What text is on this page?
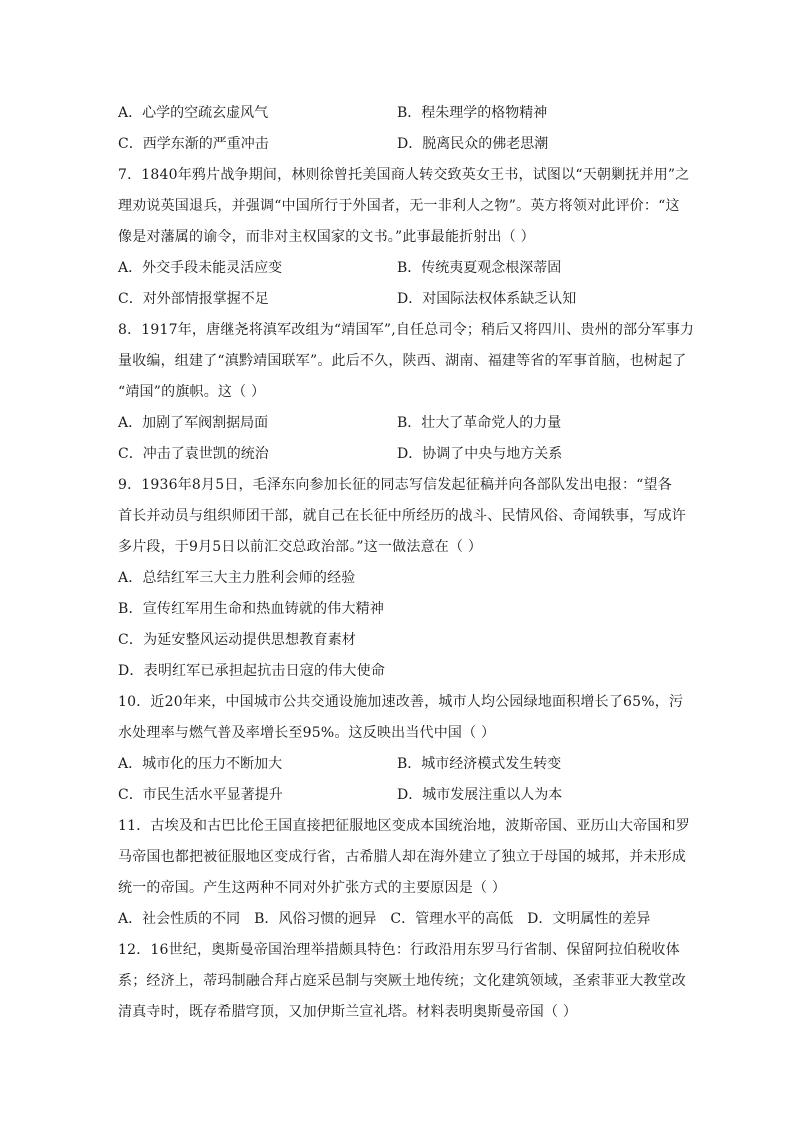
A．心学的空疏玄虚风气	B．程朱理学的格物精神
C．西学东渐的严重冲击	D．脱离民众的佛老思潮
7．1840年鸦片战争期间，林则徐曾托美国商人转交致英女王书，试图以“天朝剿抚并用”之
理劝说英国退兵，并强调“中国所行于外国者，无一非利人之物”。英方将领对此评价：“这
像是对藩属的谕令，而非对主权国家的文书。”此事最能折射出（ ）
A．外交手段未能灵活应变	B．传统夷夏观念根深蒂固
C．对外部情报掌握不足	D．对国际法权体系缺乏认知
8．1917年，唐继尧将滇军改组为“靖国军”,自任总司令；稍后又将四川、贵州的部分军事力
量收编，组建了“滇黔靖国联军”。此后不久，陕西、湖南、福建等省的军事首脑，也树起了
“靖国”的旗帜。这（ ）
A．加剧了军阀割据局面	B．壮大了革命党人的力量
C．冲击了袁世凯的统治	D．协调了中央与地方关系
9．1936年8月5日，毛泽东向参加长征的同志写信发起征稿并向各部队发出电报：“望各
首长并动员与组织师团干部，就自己在长征中所经历的战斗、民情风俗、奇闻轶事，写成许
多片段，于9月5日以前汇交总政治部。”这一做法意在（ ）
A．总结红军三大主力胜利会师的经验
B．宣传红军用生命和热血铸就的伟大精神
C．为延安整风运动提供思想教育素材
D．表明红军已承担起抗击日寇的伟大使命
10．近20年来，中国城市公共交通设施加速改善，城市人均公园绿地面积增长了65%，污
水处理率与燃气普及率增长至95%。这反映出当代中国（ ）
A．城市化的压力不断加大	B．城市经济模式发生转变
C．市民生活水平显著提升	D．城市发展注重以人为本
11．古埃及和古巴比伦王国直接把征服地区变成本国统治地，波斯帝国、亚历山大帝国和罗
马帝国也都把被征服地区变成行省，古希腊人却在海外建立了独立于母国的城邦，并未形成
统一的帝国。产生这两种不同对外扩张方式的主要原因是（ ）
A．社会性质的不同 B．风俗习惯的迥异 C．管理水平的高低 D．文明属性的差异
12．16世纪，奥斯曼帝国治理举措颇具特色：行政沿用东罗马行省制、保留阿拉伯税收体
系；经济上，蒂玛制融合拜占庭采邑制与突厥土地传统；文化建筑领域，圣索菲亚大教堂改
清真寺时，既存希腊穹顶，又加伊斯兰宣礼塔。材料表明奥斯曼帝国（ ）
